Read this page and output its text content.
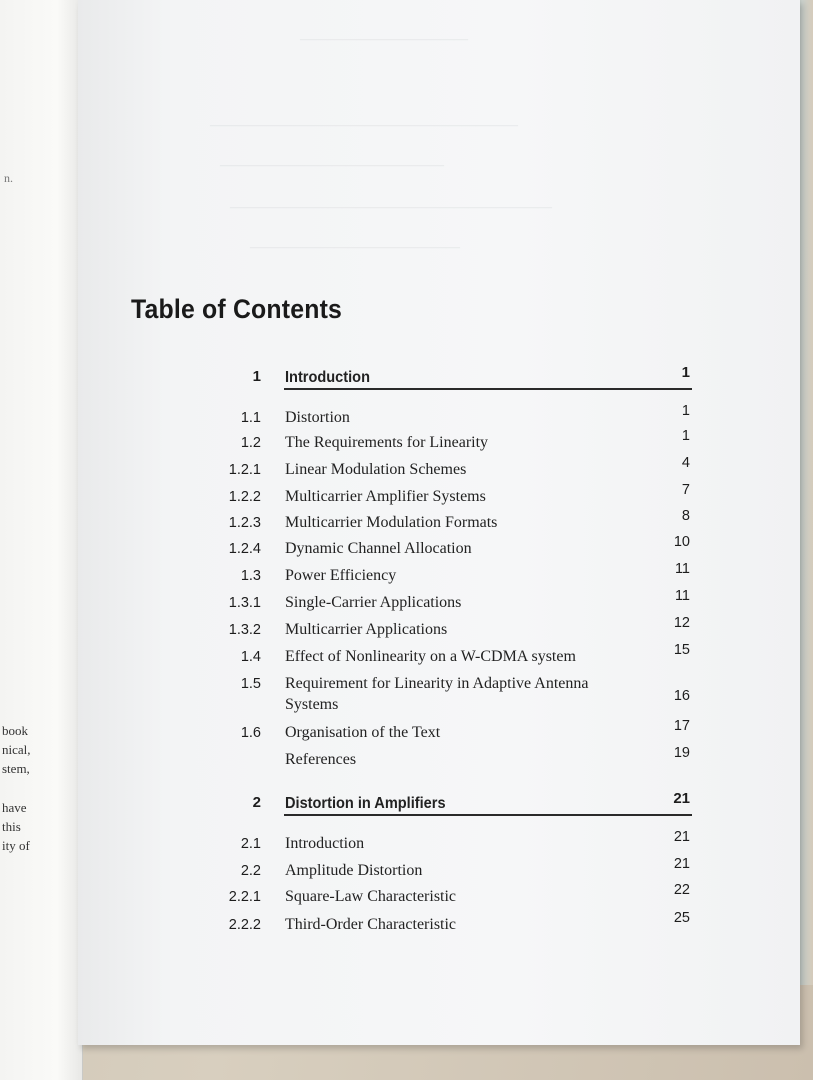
n.
book
nical,
stem,
have
this
ity of
————————————
——————————————————————
————————————————
———————————————————————
———————————————
Table of Contents
1 Introduction	1
1.1 Distortion	1
1.2 The Requirements for Linearity	1
1.2.1 Linear Modulation Schemes	4
1.2.2 Multicarrier Amplifier Systems	7
1.2.3 Multicarrier Modulation Formats	8
1.2.4 Dynamic Channel Allocation	10
1.3 Power Efficiency	11
1.3.1 Single-Carrier Applications	11
1.3.2 Multicarrier Applications	12
1.4 Effect of Nonlinearity on a W-CDMA system	15
1.5 Requirement for Linearity in Adaptive Antenna Systems	16
1.6 Organisation of the Text	17
References	19
2 Distortion in Amplifiers	21
2.1 Introduction	21
2.2 Amplitude Distortion	21
2.2.1 Square-Law Characteristic	22
2.2.2 Third-Order Characteristic	25
